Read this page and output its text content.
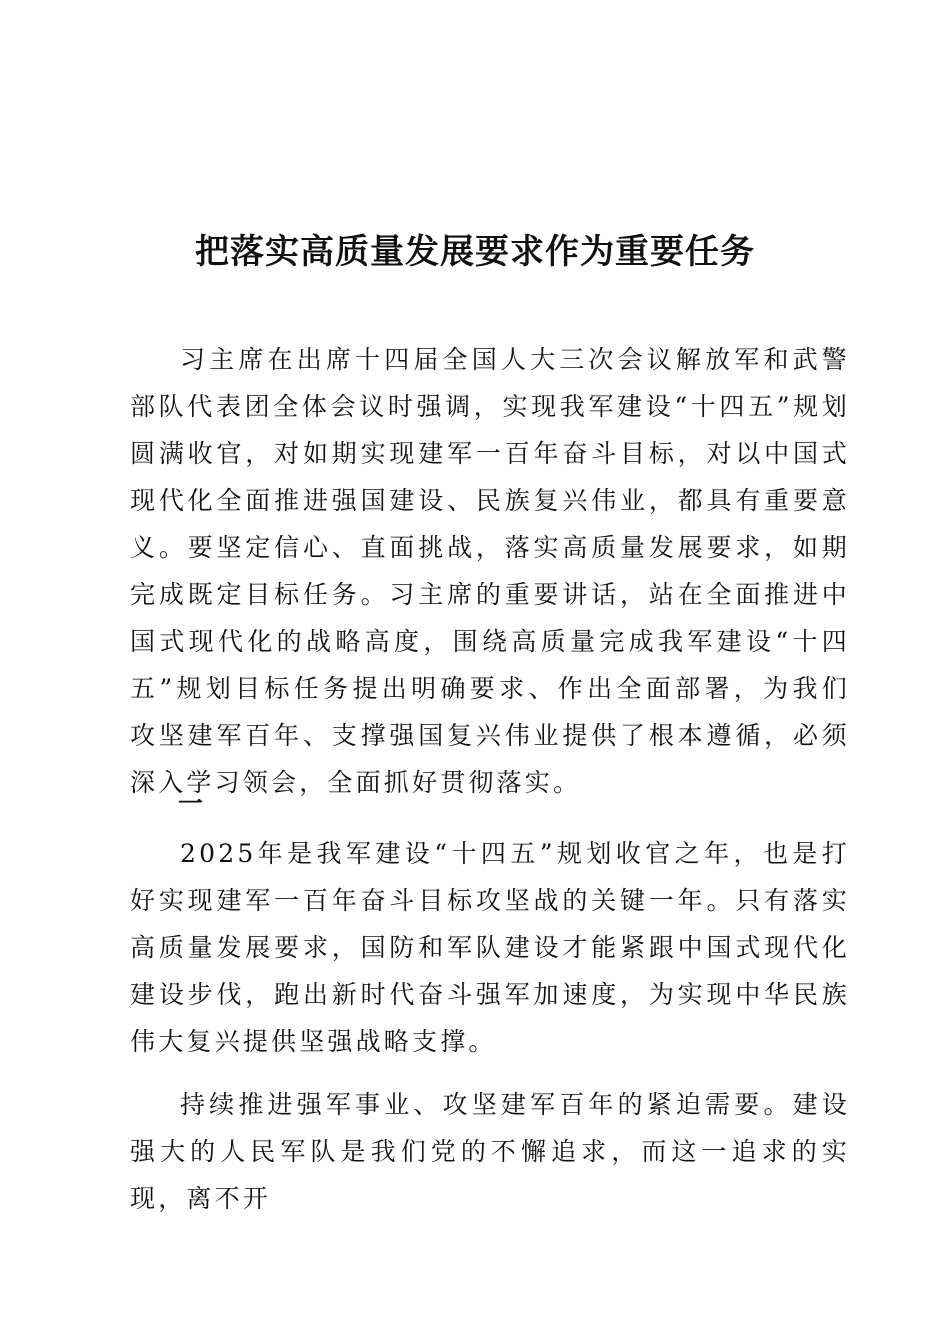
把落实高质量发展要求作为重要任务

习主席在出席十四届全国人大三次会议解放军和武警部队代表团全体会议时强调，实现我军建设“十四五”规划圆满收官，对如期实现建军一百年奋斗目标，对以中国式现代化全面推进强国建设、民族复兴伟业，都具有重要意义。要坚定信心、直面挑战，落实高质量发展要求，如期完成既定目标任务。习主席的重要讲话，站在全面推进中国式现代化的战略高度，围绕高质量完成我军建设“十四五”规划目标任务提出明确要求、作出全面部署，为我们攻坚建军百年、支撑强国复兴伟业提供了根本遵循，必须深入学习领会，全面抓好贯彻落实。

一

2025年是我军建设“十四五”规划收官之年，也是打好实现建军一百年奋斗目标攻坚战的关键一年。只有落实高质量发展要求，国防和军队建设才能紧跟中国式现代化建设步伐，跑出新时代奋斗强军加速度，为实现中华民族伟大复兴提供坚强战略支撑。

持续推进强军事业、攻坚建军百年的紧迫需要。建设强大的人民军队是我们党的不懈追求，而这一追求的实现，离不开
